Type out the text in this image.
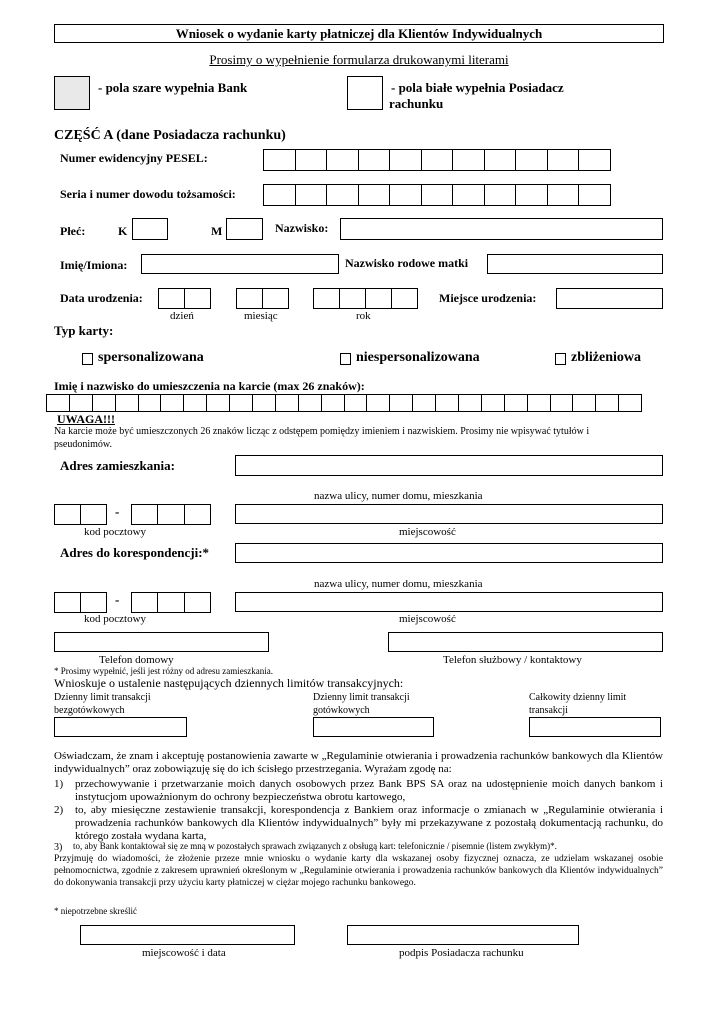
Wniosek o wydanie karty płatniczej dla Klientów Indywidualnych
Prosimy o wypełnienie formularza drukowanymi literami
- pola szare wypełnia Bank	- pola białe wypełnia Posiadacz
rachunku
CZĘŚĆ A (dane Posiadacza rachunku)
Numer ewidencyjny PESEL:
Seria i numer dowodu tożsamości:
Płeć:	K	M	Nazwisko:
Imię/Imiona:	Nazwisko rodowe matki
Data urodzenia:
dzień	miesiąc	rok
Miejsce urodzenia:
Typ karty:
spersonalizowana	niespersonalizowana	zbliżeniowa
Imię i nazwisko do umieszczenia na karcie (max 26 znaków):
UWAGA!!!
Na karcie może być umieszczonych 26 znaków licząc z odstępem pomiędzy imieniem i nazwiskiem. Prosimy nie wpisywać tytułów i
pseudonimów.
Adres zamieszkania:
nazwa ulicy, numer domu, mieszkania
-
kod pocztowy	miejscowość
Adres do korespondencji:*
nazwa ulicy, numer domu, mieszkania
-
kod pocztowy	miejscowość
Telefon domowy	Telefon służbowy / kontaktowy
* Prosimy wypełnić, jeśli jest różny od adresu zamieszkania.
Wnioskuje o ustalenie następujących dziennych limitów transakcyjnych:
Dzienny limit transakcji
bezgotówkowych
Dzienny limit transakcji
gotówkowych
Całkowity dzienny limit
transakcji
Oświadczam, że znam i akceptuję postanowienia zawarte w „Regulaminie otwierania i prowadzenia rachunków bankowych dla Klientów indywidualnych” oraz zobowiązuję się do ich ścisłego przestrzegania. Wyrażam zgodę na:
1) przechowywanie i przetwarzanie moich danych osobowych przez Bank BPS SA oraz na udostępnienie moich danych bankom i instytucjom upoważnionym do ochrony bezpieczeństwa obrotu kartowego,
2) to, aby miesięczne zestawienie transakcji, korespondencja z Bankiem oraz informacje o zmianach w „Regulaminie otwierania i prowadzenia rachunków bankowych dla Klientów indywidualnych” były mi przekazywane z pozostałą dokumentacją rachunku, do którego została wydana karta,
3) to, aby Bank kontaktował się ze mną w pozostałych sprawach związanych z obsługą kart: telefonicznie / pisemnie (listem zwykłym)*.
Przyjmuję do wiadomości, że złożenie przeze mnie wniosku o wydanie karty dla wskazanej osoby fizycznej oznacza, ze udzielam wskazanej osobie pełnomocnictwa, zgodnie z zakresem uprawnień określonym w „Regulaminie otwierania i prowadzenia rachunków bankowych dla Klientów indywidualnych” do dokonywania transakcji przy użyciu karty płatniczej w ciężar mojego rachunku bankowego.
* niepotrzebne skreślić
miejscowość i data	podpis Posiadacza rachunku
